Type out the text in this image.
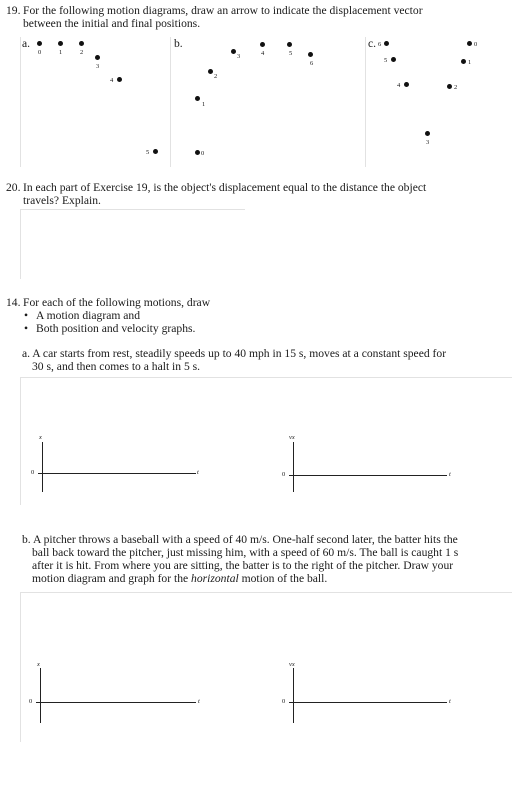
19. For the following motion diagrams, draw an arrow to indicate the displacement vector
between the initial and final positions.
a.
0	1	2
3
4
5
b.
0
1
2
3	4	5
6
c. 6	0
5	1
4	2
3
20. In each part of Exercise 19, is the object's displacement equal to the distance the object
travels? Explain.
14. For each of the following motions, draw
• A motion diagram and
• Both position and velocity graphs.
a. A car starts from rest, steadily speeds up to 40 mph in 15 s, moves at a constant speed for
30 s, and then comes to a halt in 5 s.
x
0	t
vx
0	t
b. A pitcher throws a baseball with a speed of 40 m/s. One-half second later, the batter hits the
ball back toward the pitcher, just missing him, with a speed of 60 m/s. The ball is caught 1 s
after it is hit. From where you are sitting, the batter is to the right of the pitcher. Draw your
motion diagram and graph for the horizontal motion of the ball.
x
0	t
vx
0	t
